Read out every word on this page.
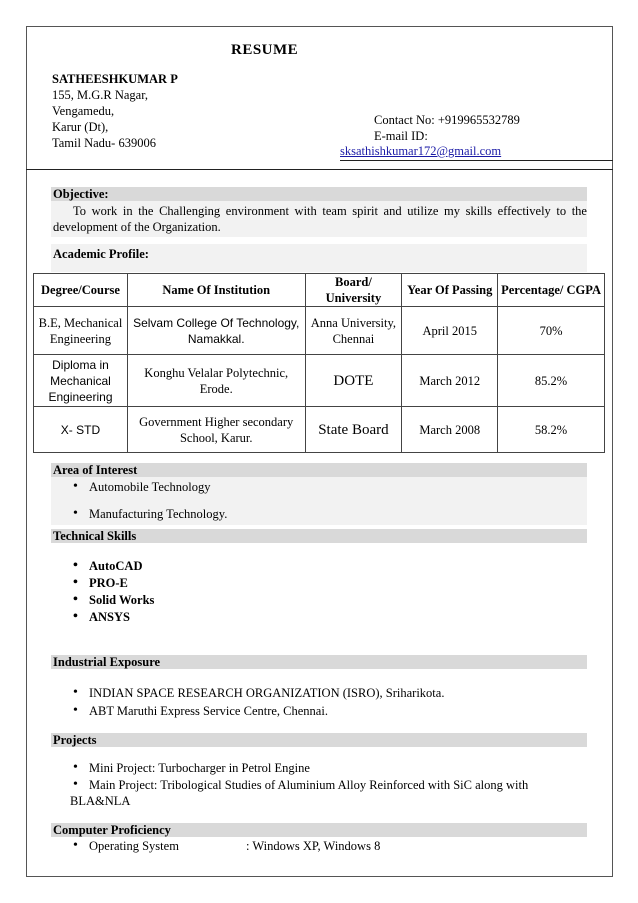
RESUME
SATHEESHKUMAR P
155, M.G.R Nagar,
Vengamedu,
Karur (Dt),
Tamil Nadu- 639006
Contact No: +919965532789
E-mail ID:
sksathishkumar172@gmail.com
Objective:
To work in the Challenging environment with team spirit and utilize my skills effectively to the development of the Organization.
Academic Profile:
Degree/Course	Name Of Institution	Board/ University	Year Of Passing	Percentage/ CGPA
B.E, Mechanical Engineering	Selvam College Of Technology, Namakkal.	Anna University, Chennai	April 2015	70%
Diploma in Mechanical Engineering	Konghu Velalar Polytechnic, Erode.	DOTE	March 2012	85.2%
X- STD	Government Higher secondary School, Karur.	State Board	March 2008	58.2%
Area of Interest
• Automobile Technology
• Manufacturing Technology.
Technical Skills
• AutoCAD
• PRO-E
• Solid Works
• ANSYS
Industrial Exposure
• INDIAN SPACE RESEARCH ORGANIZATION (ISRO), Sriharikota.
• ABT Maruthi Express Service Centre, Chennai.
Projects
• Mini Project: Turbocharger in Petrol Engine
• Main Project: Tribological Studies of Aluminium Alloy Reinforced with SiC along with
BLA&NLA
Computer Proficiency
• Operating System	: Windows XP, Windows 8
